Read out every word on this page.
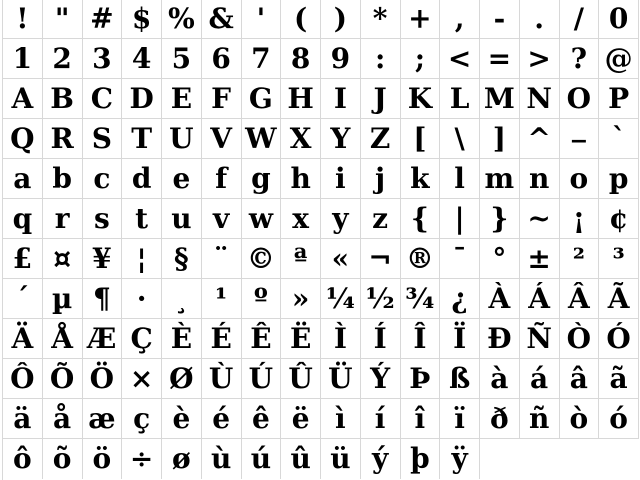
! " # $ % & ' ( ) * + , - . / 0
1 2 3 4 5 6 7 8 9 : ; < = > ? @
A B C D E F G H I J K L M N O P
Q R S T U V W X Y Z [ \ ] ^ _ `
a b c d e f g h i j k l m n o p
q r s t u v w x y z { | } ~ ¡ ¢
£ ¤ ¥ ¦ § ¨ © ª « ¬ ® ¯ ° ± ² ³
´ µ ¶ · ¸ ¹ º » ¼ ½ ¾ ¿ À Á Â Ã
Ä Å Æ Ç È É Ê Ë Ì Í Î Ï Ð Ñ Ò Ó
Ô Õ Ö × Ø Ù Ú Û Ü Ý Þ ß à á â ã
ä å æ ç è é ê ë ì í î ï ð ñ ò ó
ô õ ö ÷ ø ù ú û ü ý þ ÿ
